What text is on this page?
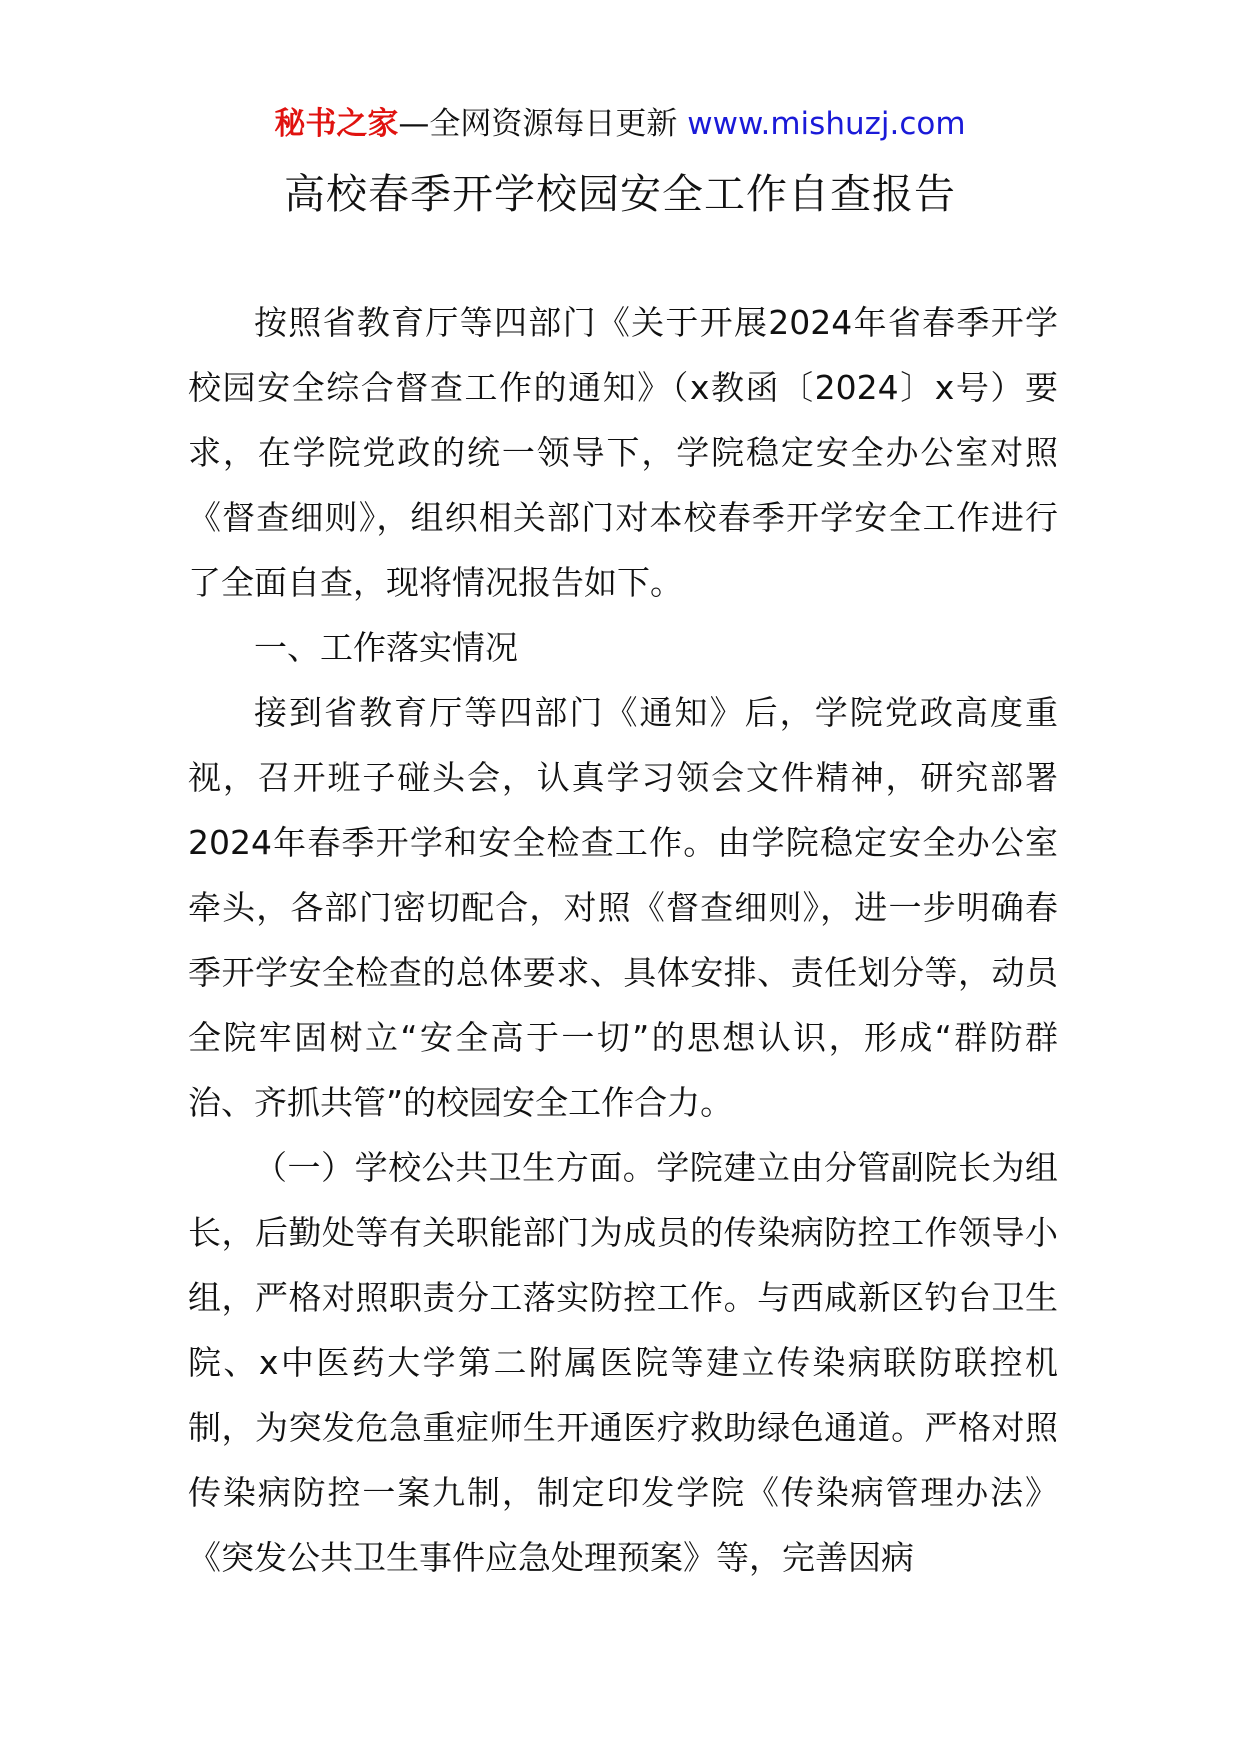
秘书之家—全网资源每日更新 www.mishuzj.com
高校春季开学校园安全工作自查报告

按照省教育厅等四部门《关于开展2024年省春季开学校园安全综合督查工作的通知》（x教函〔2024〕x号）要求，在学院党政的统一领导下，学院稳定安全办公室对照《督查细则》，组织相关部门对本校春季开学安全工作进行了全面自查，现将情况报告如下。

一、工作落实情况

接到省教育厅等四部门《通知》后，学院党政高度重视，召开班子碰头会，认真学习领会文件精神，研究部署2024年春季开学和安全检查工作。由学院稳定安全办公室牵头，各部门密切配合，对照《督查细则》，进一步明确春季开学安全检查的总体要求、具体安排、责任划分等，动员全院牢固树立“安全高于一切”的思想认识，形成“群防群治、齐抓共管”的校园安全工作合力。

（一）学校公共卫生方面。学院建立由分管副院长为组长，后勤处等有关职能部门为成员的传染病防控工作领导小组，严格对照职责分工落实防控工作。与西咸新区钓台卫生院、x中医药大学第二附属医院等建立传染病联防联控机制，为突发危急重症师生开通医疗救助绿色通道。严格对照传染病防控一案九制，制定印发学院《传染病管理办法》《突发公共卫生事件应急处理预案》等，完善因病
